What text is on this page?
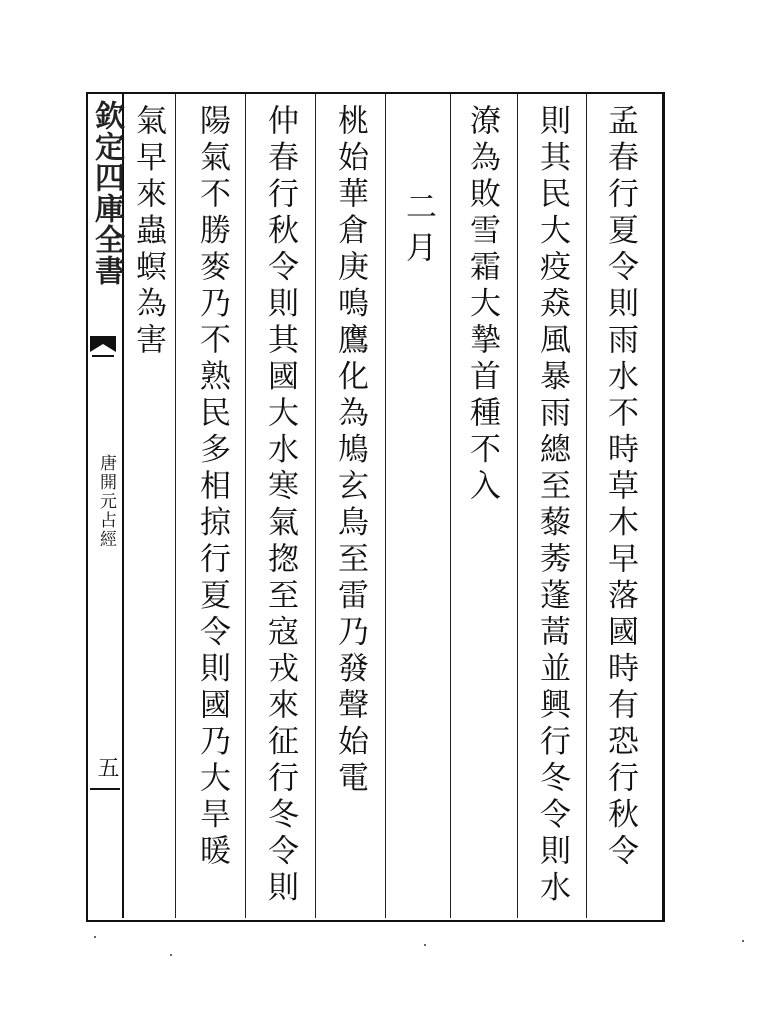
欽定四庫全書
唐開元占經
五	孟春行夏令則雨水不時草木早落國時有恐行秋令
則其民大疫猋風暴雨總至藜莠蓬蒿並興行冬令則水
潦為敗雪霜大摯首種不入
二月
桃始華倉庚鳴鷹化為鳩玄鳥至雷乃發聲始電
仲春行秋令則其國大水寒氣揔至寇戎來征行冬令則
陽氣不勝麥乃不熟民多相掠行夏令則國乃大旱暖
氣早來蟲螟為害
